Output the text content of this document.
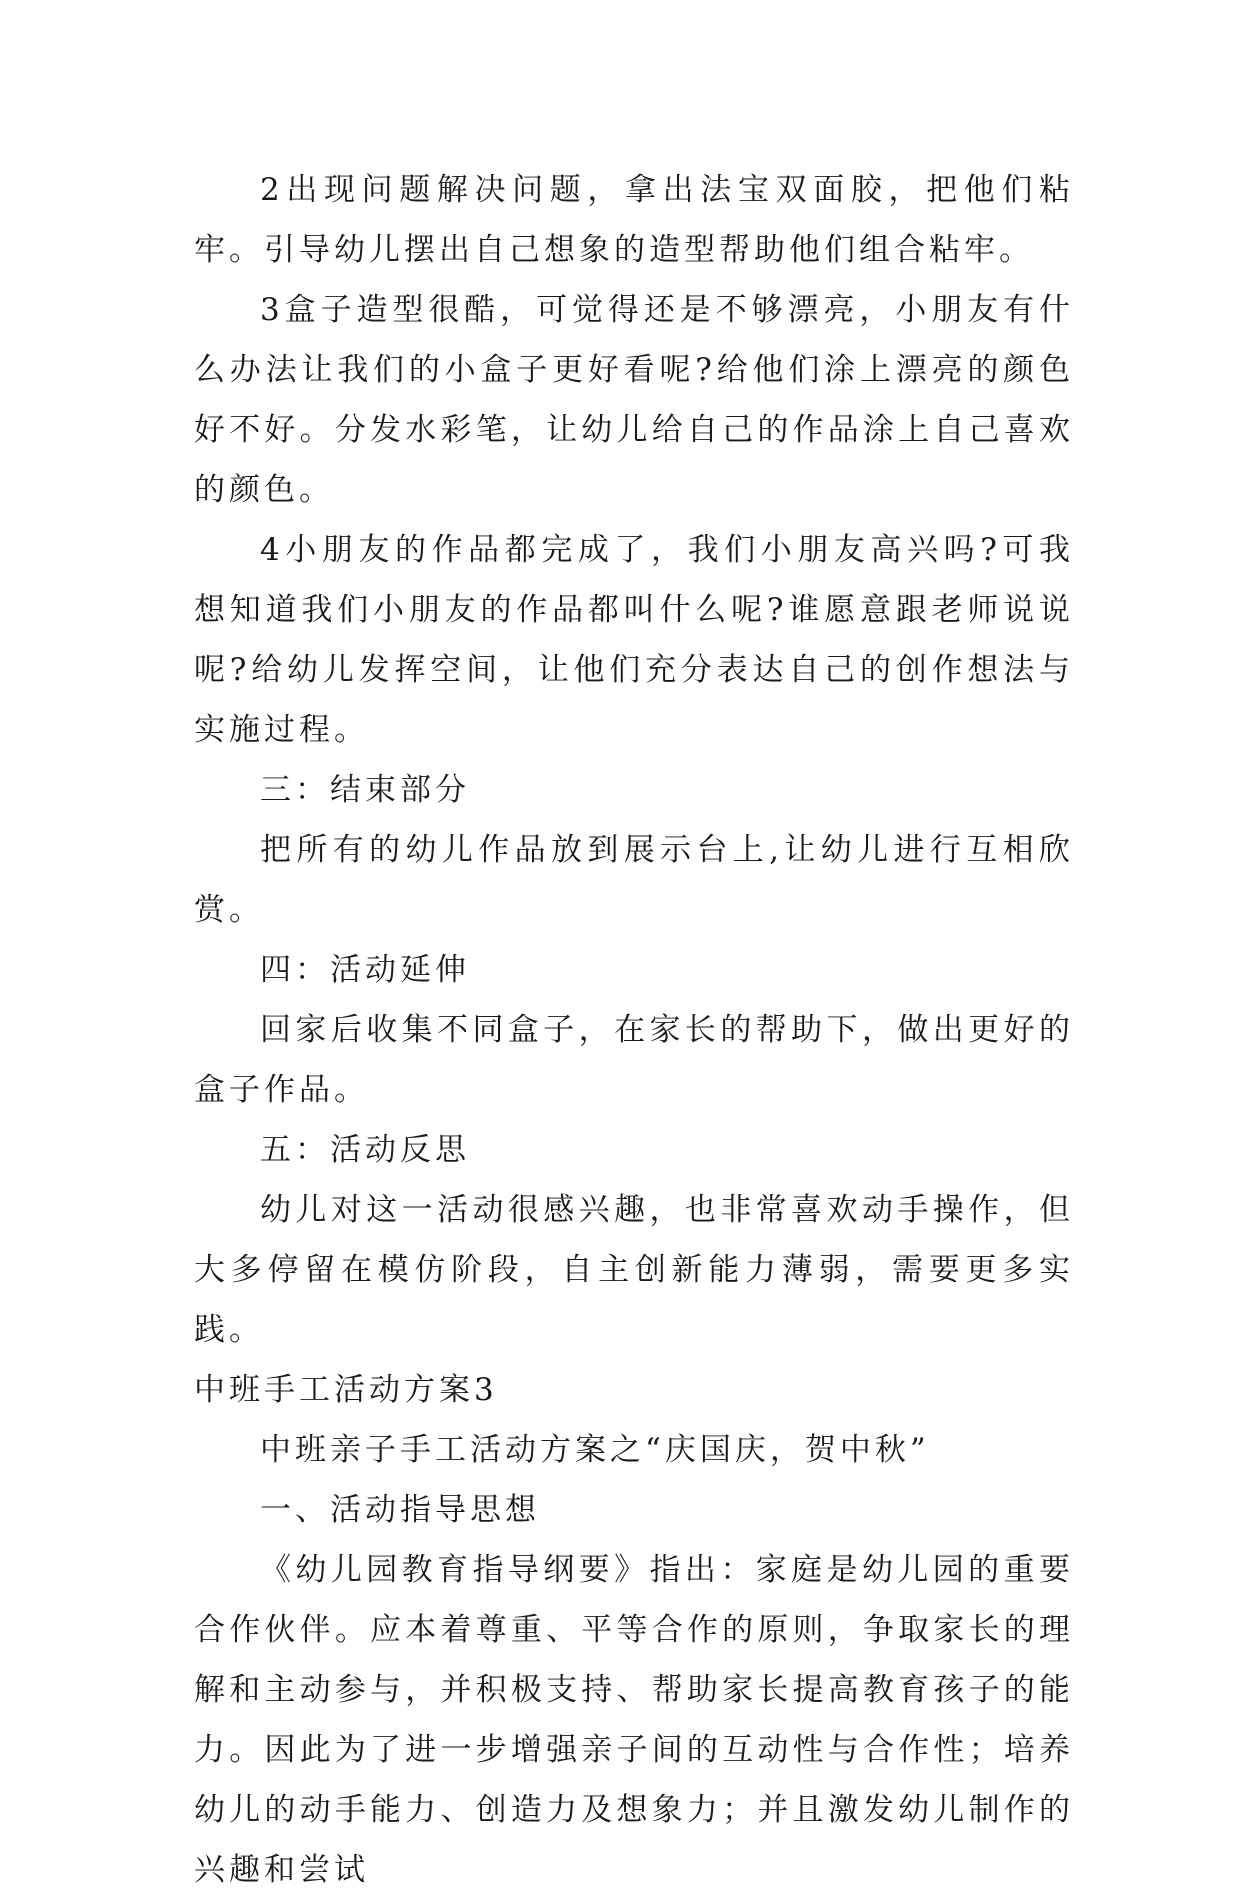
2出现问题解决问题，拿出法宝双面胶，把他们粘牢。引导幼儿摆出自己想象的造型帮助他们组合粘牢。

3盒子造型很酷，可觉得还是不够漂亮，小朋友有什么办法让我们的小盒子更好看呢?给他们涂上漂亮的颜色好不好。分发水彩笔，让幼儿给自己的作品涂上自己喜欢的颜色。

4小朋友的作品都完成了，我们小朋友高兴吗?可我想知道我们小朋友的作品都叫什么呢?谁愿意跟老师说说呢?给幼儿发挥空间，让他们充分表达自己的创作想法与实施过程。

三：结束部分

把所有的幼儿作品放到展示台上,让幼儿进行互相欣赏。

四：活动延伸

回家后收集不同盒子，在家长的帮助下，做出更好的盒子作品。

五：活动反思

幼儿对这一活动很感兴趣，也非常喜欢动手操作，但大多停留在模仿阶段，自主创新能力薄弱，需要更多实践。

中班手工活动方案3

中班亲子手工活动方案之“庆国庆，贺中秋”

一、活动指导思想

《幼儿园教育指导纲要》指出：家庭是幼儿园的重要合作伙伴。应本着尊重、平等合作的原则，争取家长的理解和主动参与，并积极支持、帮助家长提高教育孩子的能力。因此为了进一步增强亲子间的互动性与合作性；培养幼儿的动手能力、创造力及想象力；并且激发幼儿制作的兴趣和尝试
